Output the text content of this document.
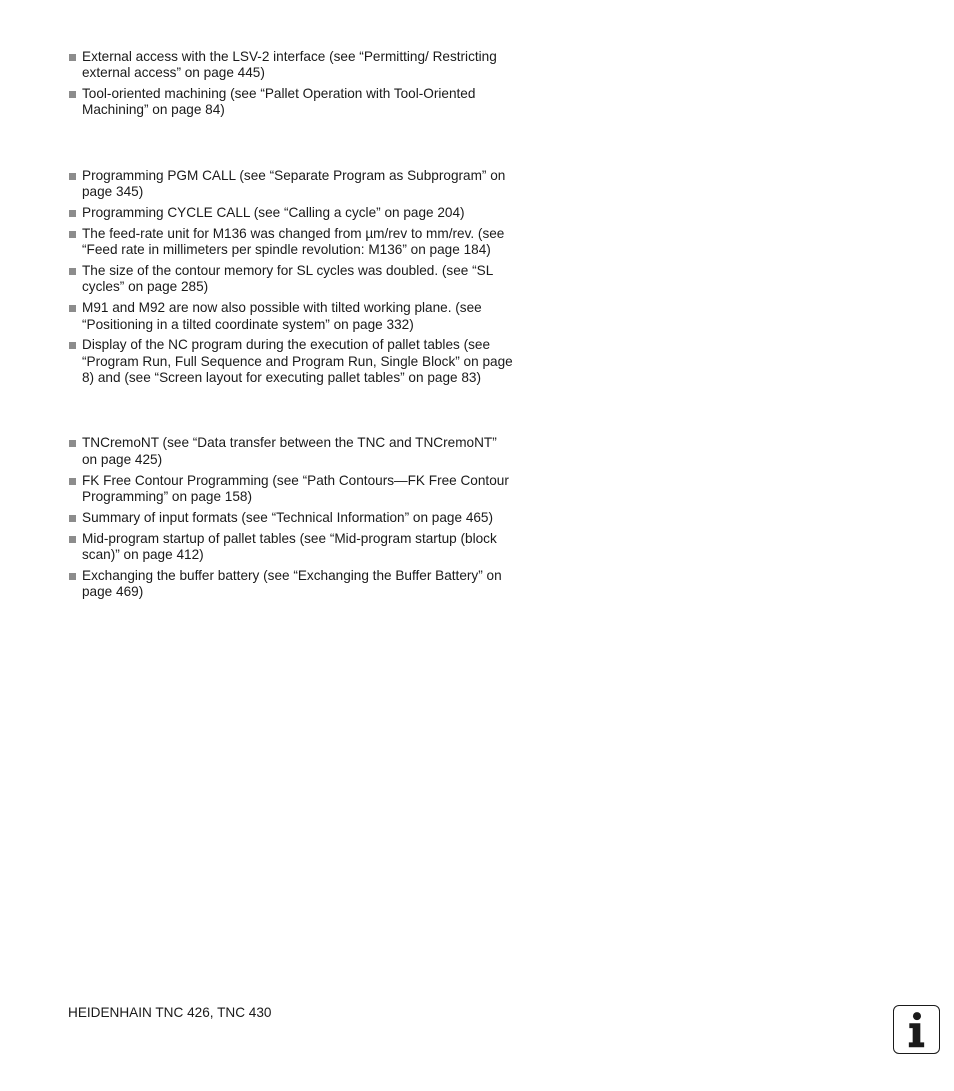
External access with the LSV-2 interface (see “Permitting/ Restricting external access” on page 445)
Tool-oriented machining (see “Pallet Operation with Tool-Oriented Machining” on page 84)
Programming PGM CALL (see “Separate Program as Subprogram” on page 345)
Programming CYCLE CALL (see “Calling a cycle” on page 204)
The feed-rate unit for M136 was changed from µm/rev to mm/rev. (see “Feed rate in millimeters per spindle revolution: M136” on page 184)
The size of the contour memory for SL cycles was doubled. (see “SL cycles” on page 285)
M91 and M92 are now also possible with tilted working plane. (see “Positioning in a tilted coordinate system” on page 332)
Display of the NC program during the execution of pallet tables (see “Program Run, Full Sequence and Program Run, Single Block” on page 8) and (see “Screen layout for executing pallet tables” on page 83)
TNCremoNT (see “Data transfer between the TNC and TNCremoNT” on page 425)
FK Free Contour Programming (see “Path Contours—FK Free Contour Programming” on page 158)
Summary of input formats (see “Technical Information” on page 465)
Mid-program startup of pallet tables (see “Mid-program startup (block scan)” on page 412)
Exchanging the buffer battery (see “Exchanging the Buffer Battery” on page 469)
HEIDENHAIN TNC 426, TNC 430
